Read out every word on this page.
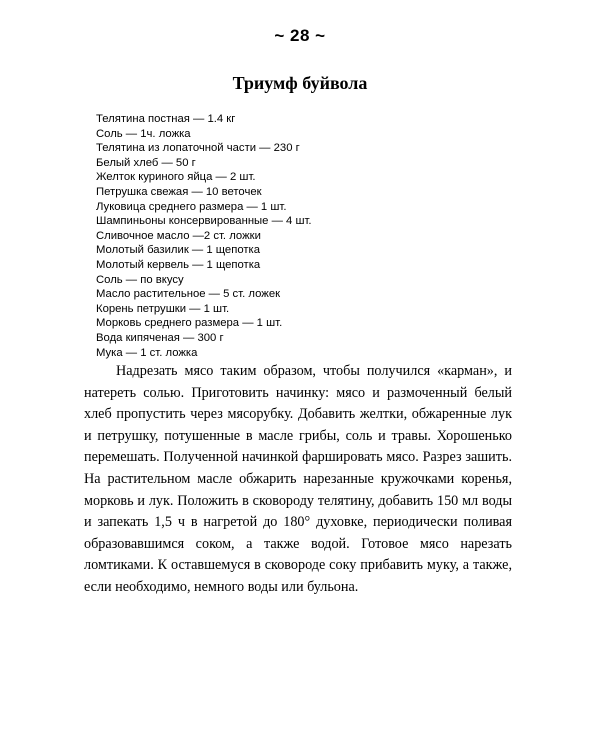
~ 28 ~
Триумф буйвола
Телятина постная — 1.4 кг
Соль — 1ч. ложка
Телятина из лопаточной части — 230 г
Белый хлеб — 50 г
Желток куриного яйца — 2 шт.
Петрушка свежая — 10 веточек
Луковица среднего размера — 1 шт.
Шампиньоны консервированные — 4 шт.
Сливочное масло —2 ст. ложки
Молотый базилик — 1 щепотка
Молотый кервель — 1 щепотка
Соль — по вкусу
Масло растительное — 5 ст. ложек
Корень петрушки — 1 шт.
Морковь среднего размера — 1 шт.
Вода кипяченая — 300 г
Мука — 1 ст. ложка
Надрезать мясо таким образом, чтобы получился «карман», и натереть солью. Приготовить начинку: мясо и размоченный белый хлеб пропустить через мясорубку. Добавить желтки, обжаренные лук и петрушку, потушенные в масле грибы, соль и травы. Хорошенько перемешать. Полученной начинкой фаршировать мясо. Разрез зашить. На растительном масле обжарить нарезанные кружочками коренья, морковь и лук. Положить в сковороду телятину, добавить 150 мл воды и запекать 1,5 ч в нагретой до 180° духовке, периодически поливая образовавшимся соком, а также водой. Готовое мясо нарезать ломтиками. К оставшемуся в сковороде соку прибавить муку, а также, если необходимо, немного воды или бульона.
